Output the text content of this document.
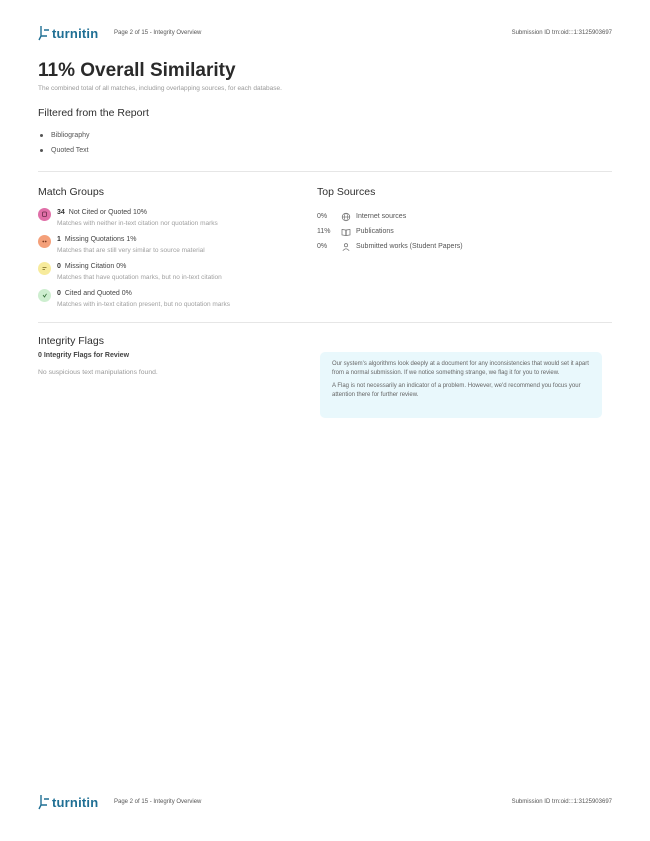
turnitin	Page 2 of 15 - Integrity Overview	Submission ID trn:oid:::1:3125903697
11% Overall Similarity
The combined total of all matches, including overlapping sources, for each database.
Filtered from the Report
Bibliography
Quoted Text
Match Groups
34 Not Cited or Quoted 10%
Matches with neither in-text citation nor quotation marks
1 Missing Quotations 1%
Matches that are still very similar to source material
0 Missing Citation 0%
Matches that have quotation marks, but no in-text citation
0 Cited and Quoted 0%
Matches with in-text citation present, but no quotation marks
Top Sources
0%	Internet sources
11%	Publications
0%	Submitted works (Student Papers)
Integrity Flags
0 Integrity Flags for Review
No suspicious text manipulations found.

Our system's algorithms look deeply at a document for any inconsistencies that would set it apart from a normal submission. If we notice something strange, we flag it for you to review.

A Flag is not necessarily an indicator of a problem. However, we'd recommend you focus your attention there for further review.

turnitin	Page 2 of 15 - Integrity Overview	Submission ID trn:oid:::1:3125903697
